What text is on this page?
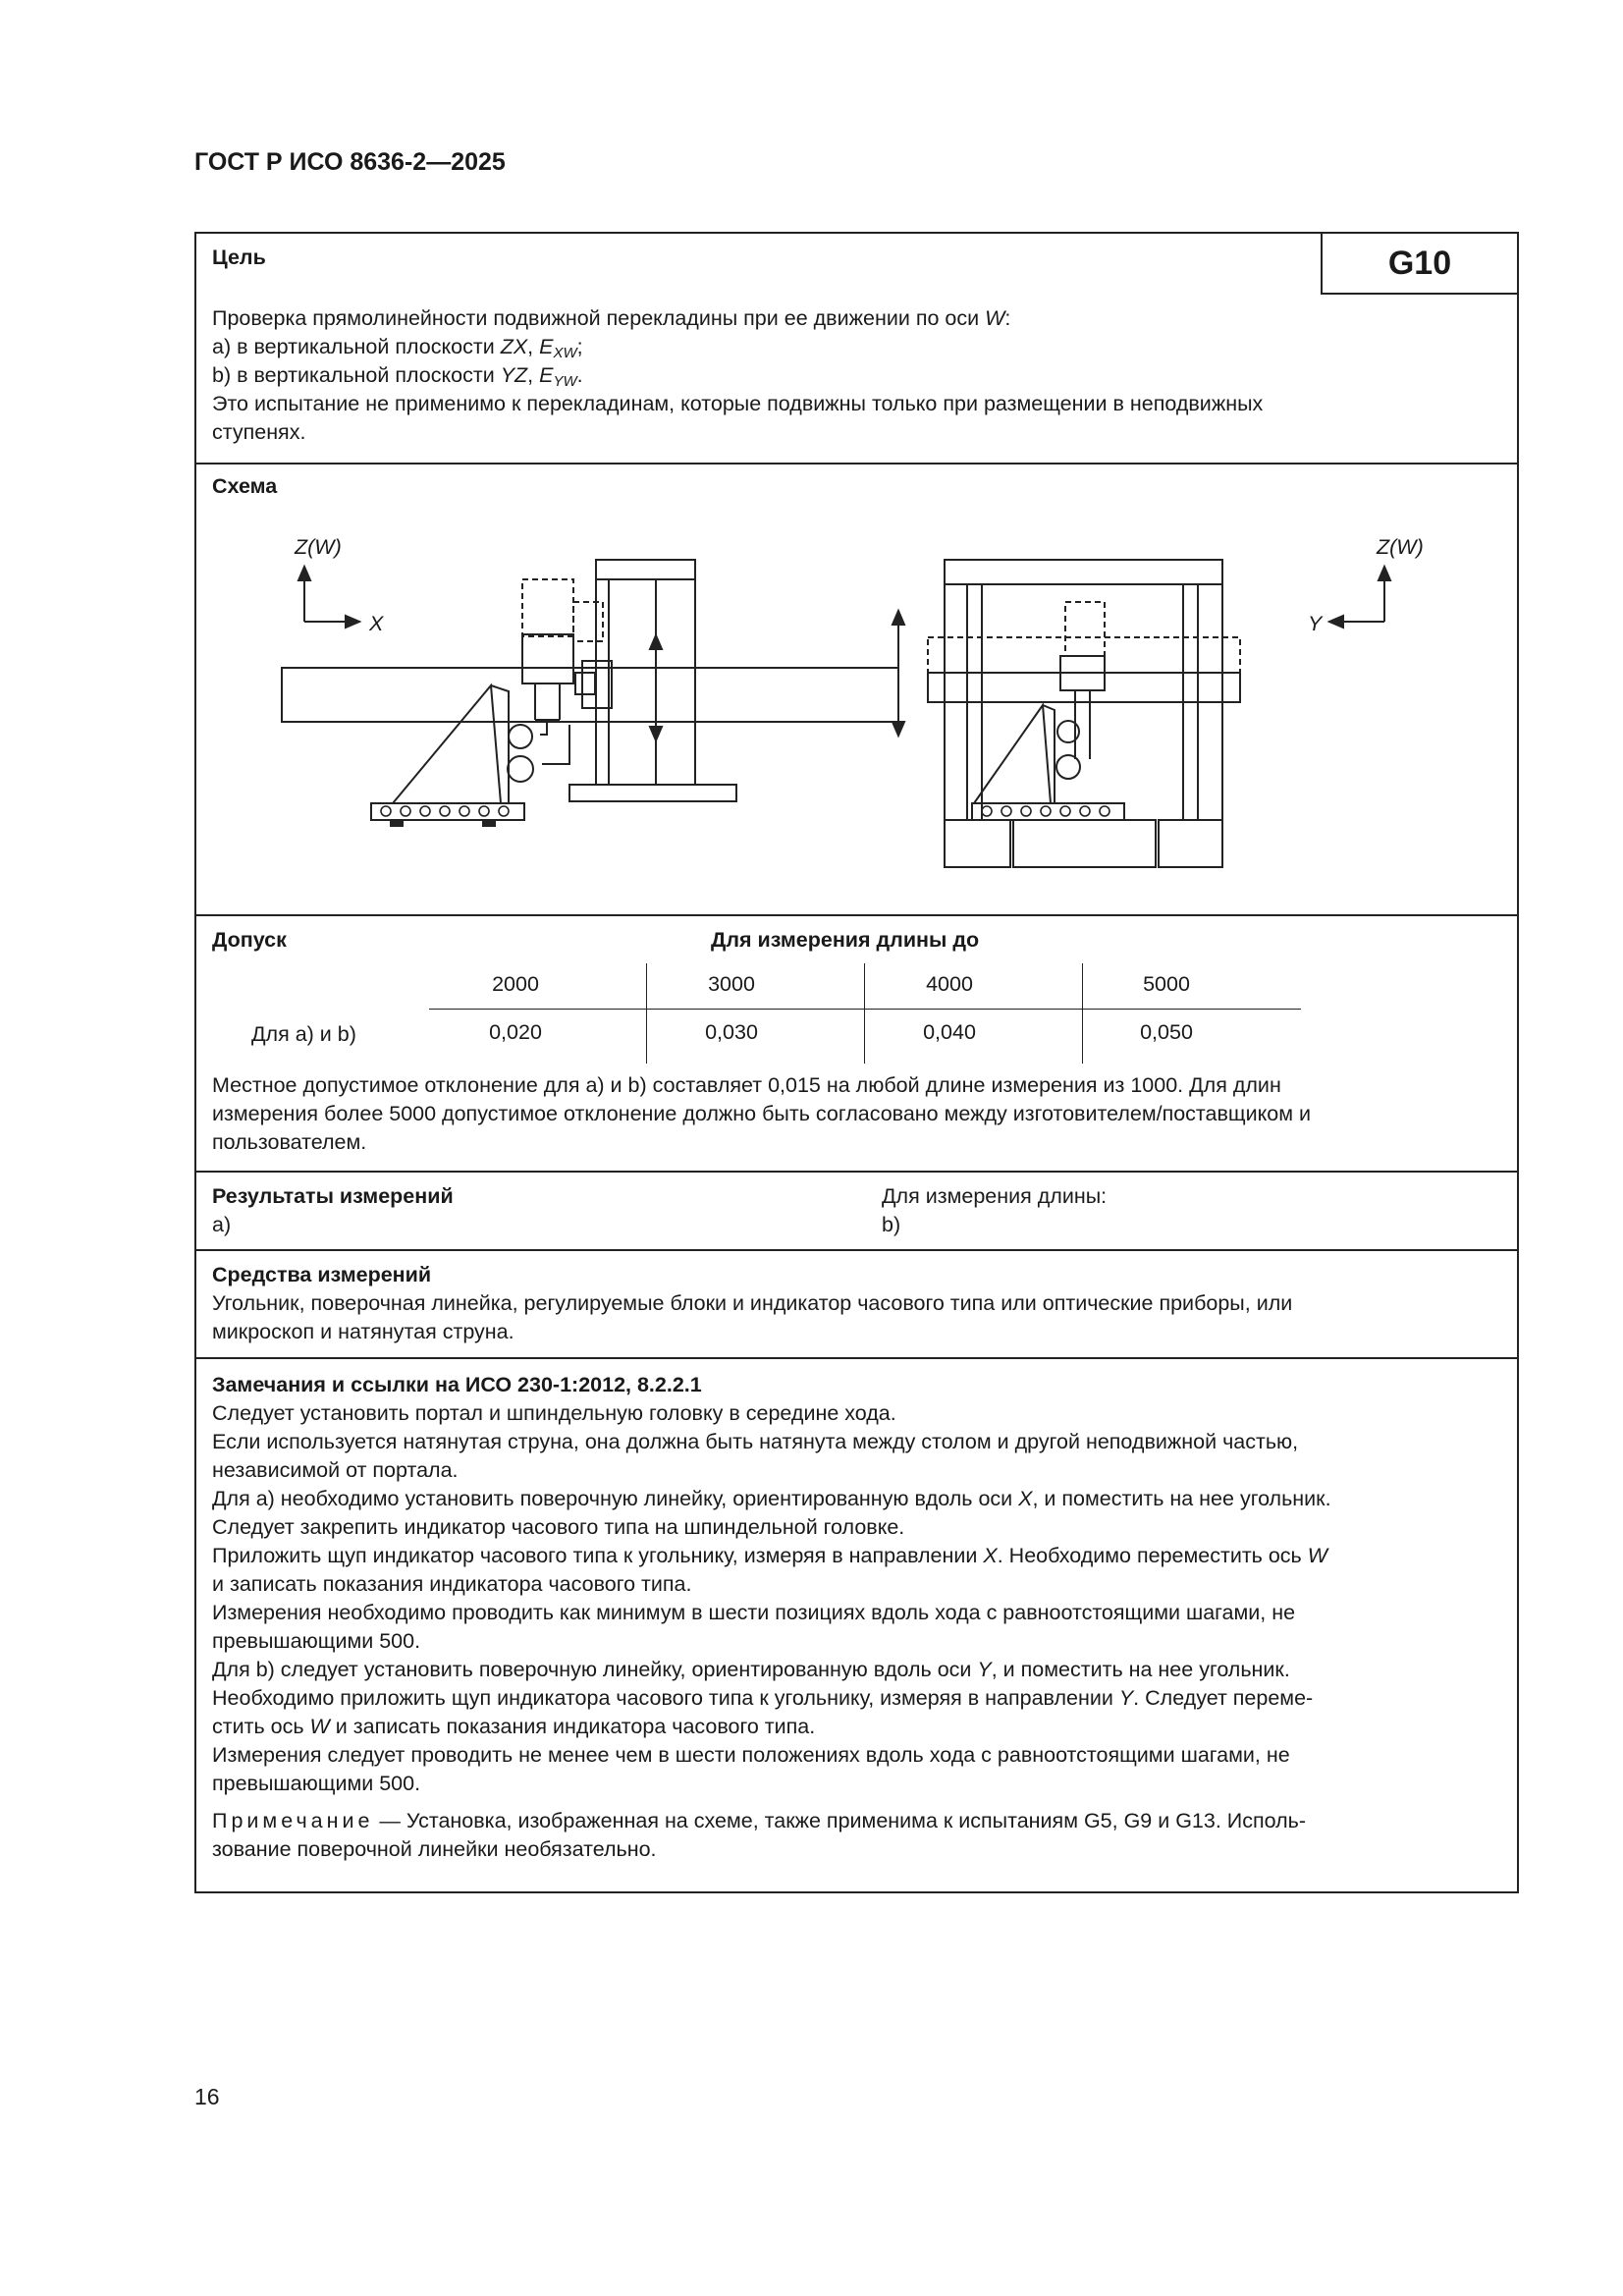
ГОСТ Р ИСО 8636-2—2025
G10
Цель
Проверка прямолинейности подвижной перекладины при ее движении по оси W:
a) в вертикальной плоскости ZX, $E_{XW}$;
b) в вертикальной плоскости YZ, $E_{YW}$.
Это испытание не применимо к перекладинам, которые подвижны только при размещении в неподвижных
ступенях.
Схема
Z(W)
X
Z(W)
Y
Допуск	Для измерения длины до
2000	3000	4000	5000
Для a) и b)	0,020	0,030	0,040	0,050
Местное допустимое отклонение для a) и b) составляет 0,015 на любой длине измерения из 1000. Для длин
измерения более 5000 допустимое отклонение должно быть согласовано между изготовителем/поставщиком и
пользователем.
Результаты измерений
a)
Для измерения длины:
b)
Средства измерений
Угольник, поверочная линейка, регулируемые блоки и индикатор часового типа или оптические приборы, или
микроскоп и натянутая струна.
Замечания и ссылки на ИСО 230-1:2012, 8.2.2.1
Следует установить портал и шпиндельную головку в середине хода.
Если используется натянутая струна, она должна быть натянута между столом и другой неподвижной частью,
независимой от портала.
Для a) необходимо установить поверочную линейку, ориентированную вдоль оси X, и поместить на нее угольник.
Следует закрепить индикатор часового типа на шпиндельной головке.
Приложить щуп индикатор часового типа к угольнику, измеряя в направлении X. Необходимо переместить ось W
и записать показания индикатора часового типа.
Измерения необходимо проводить как минимум в шести позициях вдоль хода с равноотстоящими шагами, не
превышающими 500.
Для b) следует установить поверочную линейку, ориентированную вдоль оси Y, и поместить на нее угольник.
Необходимо приложить щуп индикатора часового типа к угольнику, измеряя в направлении Y. Следует переме-
стить ось W и записать показания индикатора часового типа.
Измерения следует проводить не менее чем в шести положениях вдоль хода с равноотстоящими шагами, не
превышающими 500.
Примечание — Установка, изображенная на схеме, также применима к испытаниям G5, G9 и G13. Исполь-
зование поверочной линейки необязательно.
16
